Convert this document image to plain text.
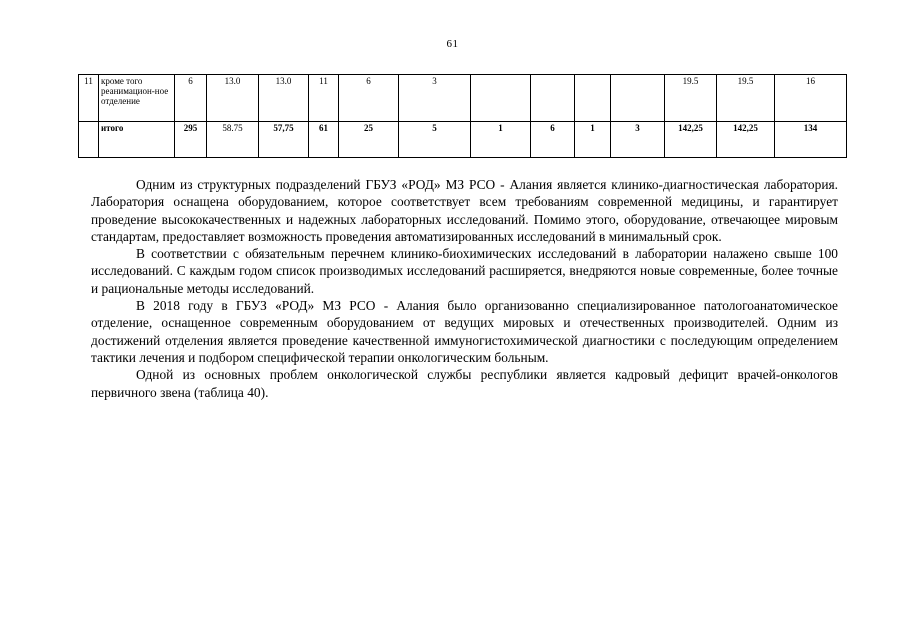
61
11	кроме того реанимацион-ное отделение	6	13.0	13.0	11	6	3					19.5	19.5	16
	итого	295	58.75	57,75	61	25	5	1	6	1	3	142,25	142,25	134

Одним из структурных подразделений ГБУЗ «РОД» МЗ РСО - Алания является клинико-диагностическая лаборатория. Лаборатория оснащена оборудованием, которое соответствует всем требованиям современной медицины, и гарантирует проведение высококачественных и надежных лабораторных исследований. Помимо этого, оборудование, отвечающее мировым стандартам, предоставляет возможность проведения автоматизированных исследований в минимальный срок.

В соответствии с обязательным перечнем клинико-биохимических исследований в лаборатории налажено свыше 100 исследований. С каждым годом список производимых исследований расширяется, внедряются новые современные, более точные и рациональные методы исследований.

В 2018 году в ГБУЗ «РОД» МЗ РСО - Алания было организованно специализированное патологоанатомическое отделение, оснащенное современным оборудованием от ведущих мировых и отечественных производителей. Одним из достижений отделения является проведение качественной иммуногистохимической диагностики с последующим определением тактики лечения и подбором специфической терапии онкологическим больным.

Одной из основных проблем онкологической службы республики является кадровый дефицит врачей-онкологов первичного звена (таблица 40).
